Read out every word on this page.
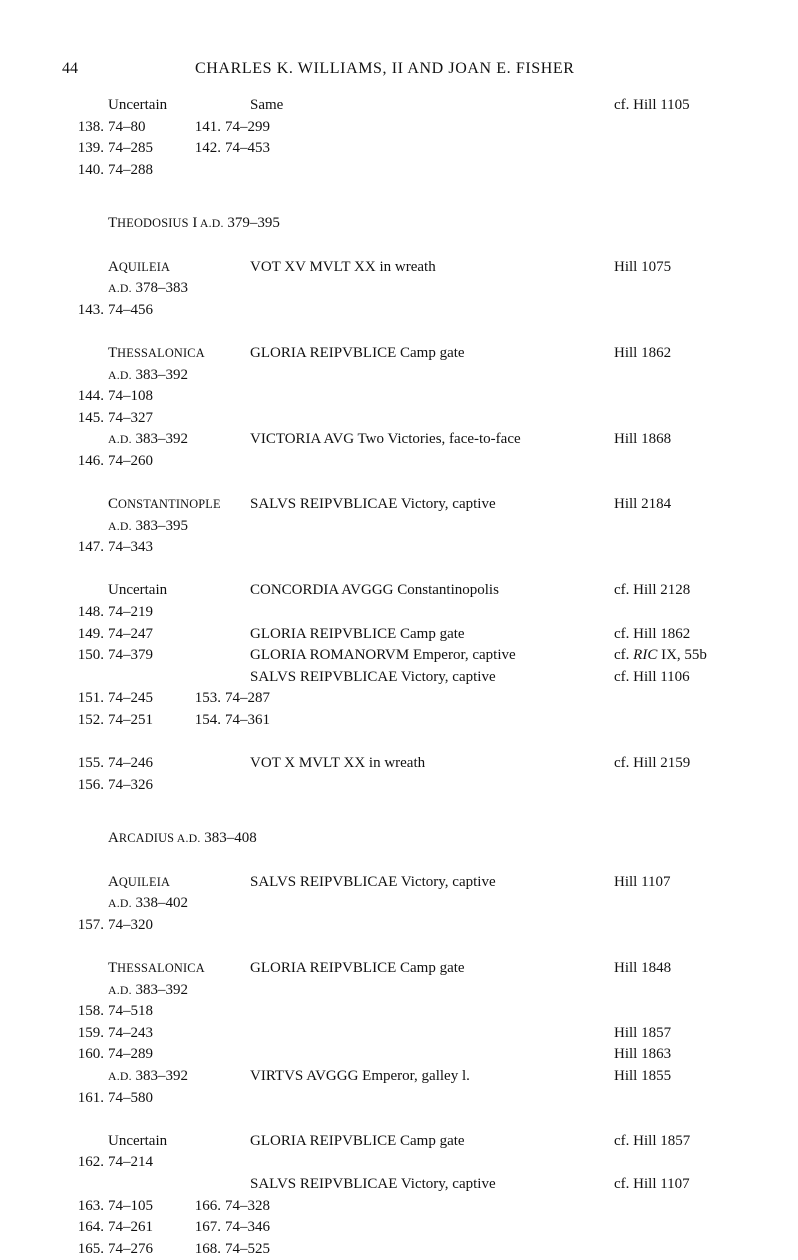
44	CHARLES K. WILLIAMS, II AND JOAN E. FISHER
Uncertain	Same	cf. Hill 1105
138. 74–80	141. 74–299
139. 74–285	142. 74–453
140. 74–288
THEODOSIUS I A.D. 379–395
AQUILEIA	VOT XV MVLT XX in wreath	Hill 1075
A.D. 378–383
143. 74–456
THESSALONICA	GLORIA REIPVBLICE Camp gate	Hill 1862
A.D. 383–392
144. 74–108
145. 74–327
A.D. 383–392	VICTORIA AVG Two Victories, face-to-face	Hill 1868
146. 74–260
CONSTANTINOPLE SALVS REIPVBLICAE Victory, captive	Hill 2184
A.D. 383–395
147. 74–343
Uncertain	CONCORDIA AVGGG Constantinopolis	cf. Hill 2128
148. 74–219
149. 74–247	GLORIA REIPVBLICE Camp gate	cf. Hill 1862
150. 74–379	GLORIA ROMANORVM Emperor, captive	cf. RIC IX, 55b
SALVS REIPVBLICAE Victory, captive	cf. Hill 1106
151. 74–245	153. 74–287
152. 74–251	154. 74–361
155. 74–246	VOT X MVLT XX in wreath	cf. Hill 2159
156. 74–326
ARCADIUS A.D. 383–408
AQUILEIA	SALVS REIPVBLICAE Victory, captive	Hill 1107
A.D. 338–402
157. 74–320
THESSALONICA	GLORIA REIPVBLICE Camp gate	Hill 1848
A.D. 383–392
158. 74–518
159. 74–243	Hill 1857
160. 74–289	Hill 1863
A.D. 383–392	VIRTVS AVGGG Emperor, galley l.	Hill 1855
161. 74–580
Uncertain	GLORIA REIPVBLICE Camp gate	cf. Hill 1857
162. 74–214
SALVS REIPVBLICAE Victory, captive	cf. Hill 1107
163. 74–105	166. 74–328
164. 74–261	167. 74–346
165. 74–276	168. 74–525
